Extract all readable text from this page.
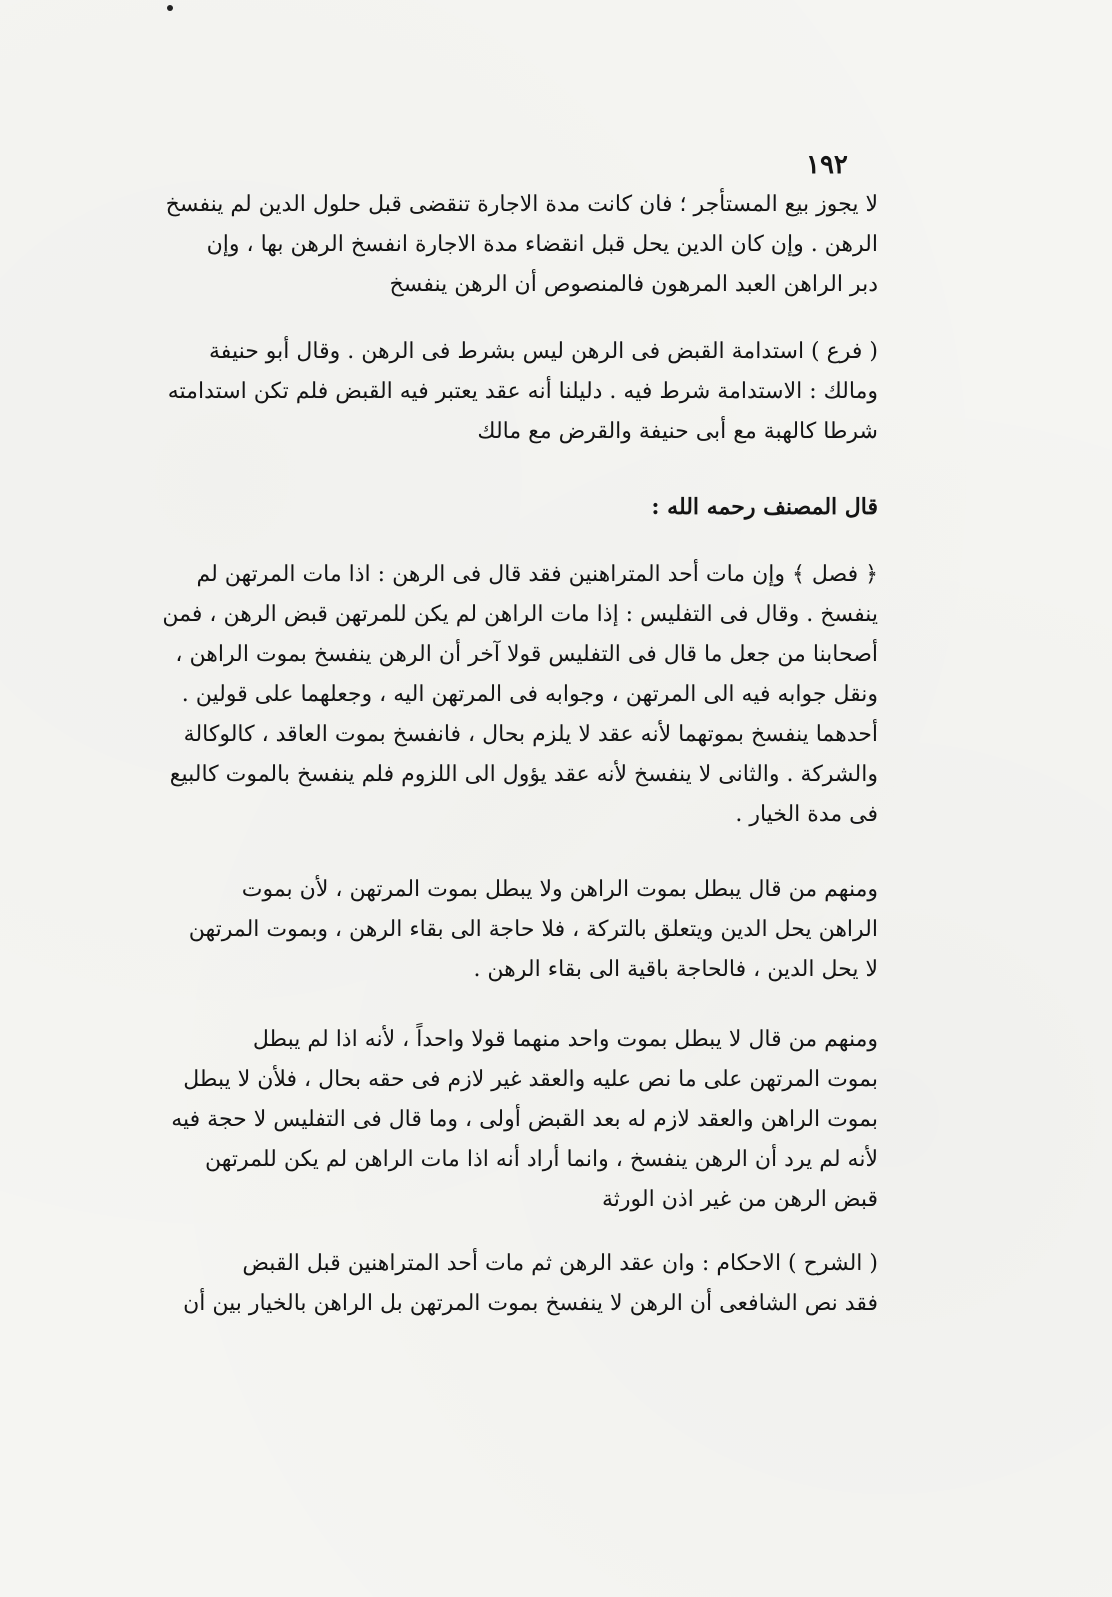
١٩٢
لا يجوز بيع المستأجر ؛ فان كانت مدة الاجارة تنقضى قبل حلول الدين لم ينفسخ
الرهن . وإن كان الدين يحل قبل انقضاء مدة الاجارة انفسخ الرهن بها ، وإن
دبر الراهن العبد المرهون فالمنصوص أن الرهن ينفسخ
( فرع ) استدامة القبض فى الرهن ليس بشرط فى الرهن . وقال أبو حنيفة
ومالك : الاستدامة شرط فيه . دليلنا أنه عقد يعتبر فيه القبض فلم تكن استدامته
شرطا كالهبة مع أبى حنيفة والقرض مع مالك
قال المصنف رحمه الله :
﴿ فصل ﴾ وإن مات أحد المتراهنين فقد قال فى الرهن : اذا مات المرتهن لم
ينفسخ . وقال فى التفليس : إذا مات الراهن لم يكن للمرتهن قبض الرهن ، فمن
أصحابنا من جعل ما قال فى التفليس قولا آخر أن الرهن ينفسخ بموت الراهن ،
ونقل جوابه فيه الى المرتهن ، وجوابه فى المرتهن اليه ، وجعلهما على قولين .
أحدهما ينفسخ بموتهما لأنه عقد لا يلزم بحال ، فانفسخ بموت العاقد ، كالوكالة
والشركة . والثانى لا ينفسخ لأنه عقد يؤول الى اللزوم فلم ينفسخ بالموت كالبيع
فى مدة الخيار .
ومنهم من قال يبطل بموت الراهن ولا يبطل بموت المرتهن ، لأن بموت
الراهن يحل الدين ويتعلق بالتركة ، فلا حاجة الى بقاء الرهن ، وبموت المرتهن
لا يحل الدين ، فالحاجة باقية الى بقاء الرهن .
ومنهم من قال لا يبطل بموت واحد منهما قولا واحداً ، لأنه اذا لم يبطل
بموت المرتهن على ما نص عليه والعقد غير لازم فى حقه بحال ، فلأن لا يبطل
بموت الراهن والعقد لازم له بعد القبض أولى ، وما قال فى التفليس لا حجة فيه
لأنه لم يرد أن الرهن ينفسخ ، وانما أراد أنه اذا مات الراهن لم يكن للمرتهن
قبض الرهن من غير اذن الورثة
( الشرح ) الاحكام : وان عقد الرهن ثم مات أحد المتراهنين قبل القبض
فقد نص الشافعى أن الرهن لا ينفسخ بموت المرتهن بل الراهن بالخيار بين أن
